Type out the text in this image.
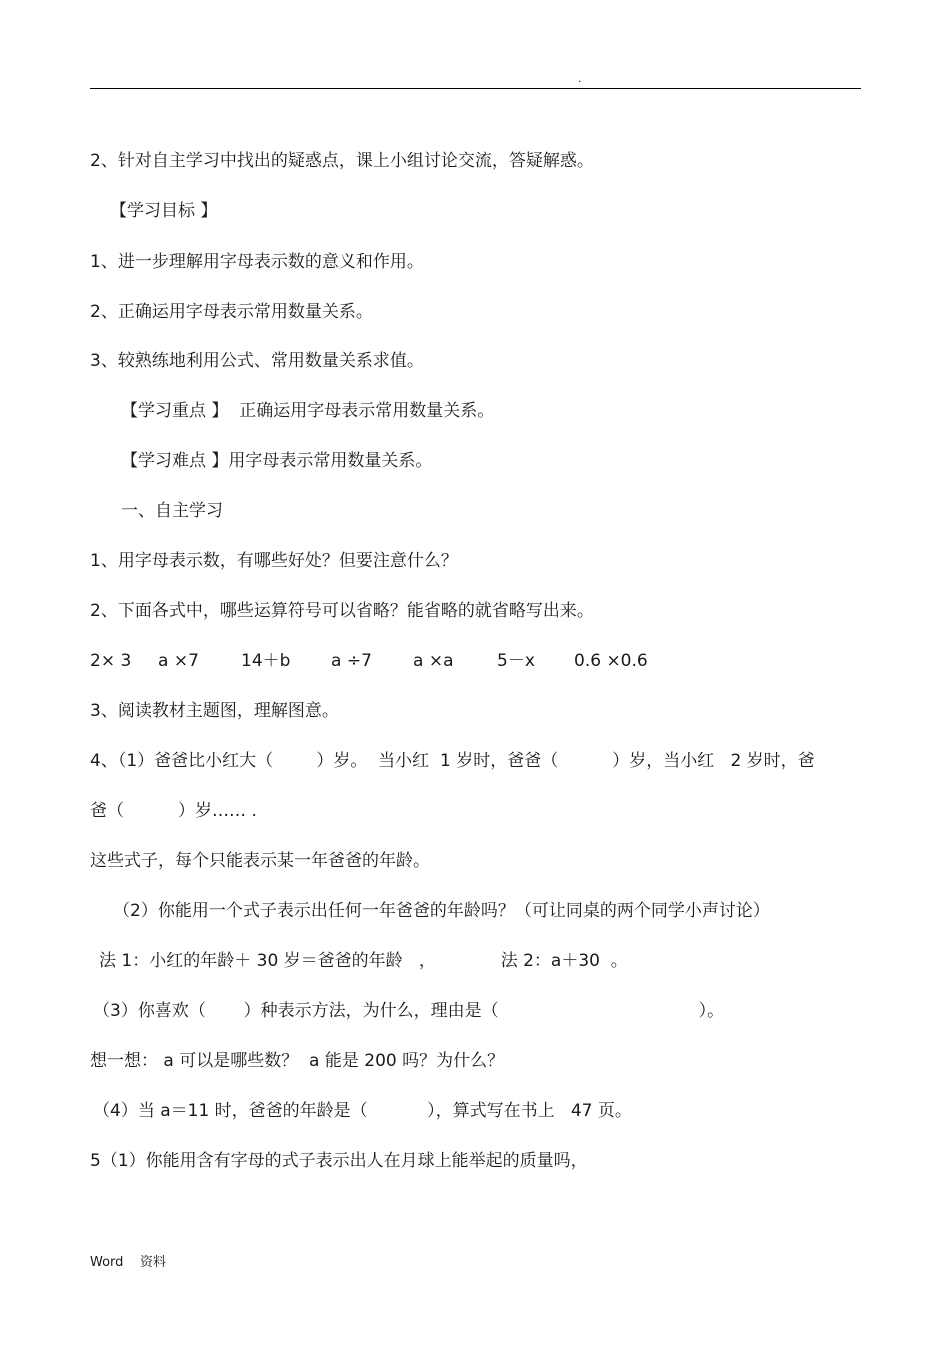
.
2、针对自主学习中找出的疑惑点，课上小组讨论交流，答疑解惑。
【学习目标 】
1、进一步理解用字母表示数的意义和作用。
2、正确运用字母表示常用数量关系。
3、较熟练地利用公式、常用数量关系求值。
【学习重点 】  正确运用字母表示常用数量关系。
【学习难点 】用字母表示常用数量关系。
一、自主学习
1、用字母表示数，有哪些好处？但要注意什么？
2、下面各式中，哪些运算符号可以省略？能省略的就省略写出来。
2× 3 a ×7 14＋b a ÷7 a ×a	5－x 0.6 ×0.6
3、阅读教材主题图，理解图意。
4、（1）爸爸比小红大（        ）岁。  当小红  1 岁时，爸爸（          ）岁，当小红   2 岁时，爸
爸（          ）岁…… .
这些式子，每个只能表示某一年爸爸的年龄。
（2）你能用一个式子表示出任何一年爸爸的年龄吗？（可让同桌的两个同学小声讨论）
法 1：小红的年龄＋ 30 岁＝爸爸的年龄   ，            法 2：a＋30  。
（3）你喜欢（       ）种表示方法，为什么，理由是（                                     ）。
想一想： a 可以是哪些数？  a 能是 200 吗？为什么？
（4）当 a＝11 时，爸爸的年龄是（           ），算式写在书上   47 页。
5（1）你能用含有字母的式子表示出人在月球上能举起的质量吗，
Word    资料
